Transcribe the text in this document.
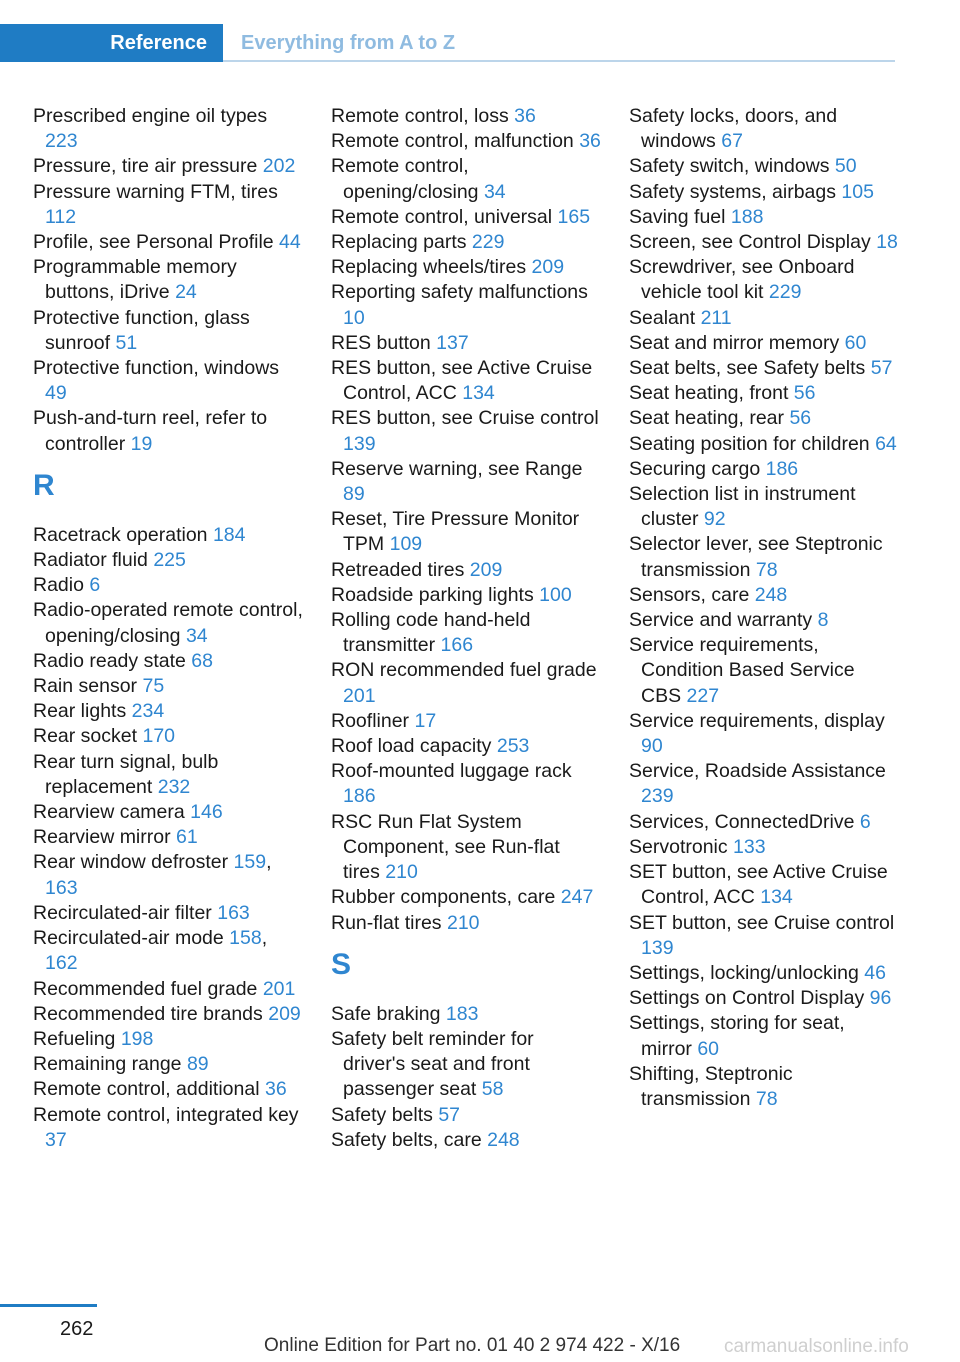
Reference Everything from A to Z
Prescribed engine oil types 223
Pressure, tire air pressure 202
Pressure warning FTM, tires 112
Profile, see Personal Profile 44
Programmable memory buttons, iDrive 24
Protective function, glass sunroof 51
Protective function, windows 49
Push-and-turn reel, refer to controller 19
R
Racetrack operation 184
Radiator fluid 225
Radio 6
Radio-operated remote control, opening/closing 34
Radio ready state 68
Rain sensor 75
Rear lights 234
Rear socket 170
Rear turn signal, bulb replacement 232
Rearview camera 146
Rearview mirror 61
Rear window defroster 159, 163
Recirculated-air filter 163
Recirculated-air mode 158, 162
Recommended fuel grade 201
Recommended tire brands 209
Refueling 198
Remaining range 89
Remote control, additional 36
Remote control, integrated key 37
Remote control, loss 36
Remote control, malfunction 36
Remote control, opening/closing 34
Remote control, universal 165
Replacing parts 229
Replacing wheels/tires 209
Reporting safety malfunctions 10
RES button 137
RES button, see Active Cruise Control, ACC 134
RES button, see Cruise control 139
Reserve warning, see Range 89
Reset, Tire Pressure Monitor TPM 109
Retreaded tires 209
Roadside parking lights 100
Rolling code hand-held transmitter 166
RON recommended fuel grade 201
Roofliner 17
Roof load capacity 253
Roof-mounted luggage rack 186
RSC Run Flat System Component, see Run-flat tires 210
Rubber components, care 247
Run-flat tires 210
S
Safe braking 183
Safety belt reminder for driver's seat and front passenger seat 58
Safety belts 57
Safety belts, care 248
Safety locks, doors, and windows 67
Safety switch, windows 50
Safety systems, airbags 105
Saving fuel 188
Screen, see Control Display 18
Screwdriver, see Onboard vehicle tool kit 229
Sealant 211
Seat and mirror memory 60
Seat belts, see Safety belts 57
Seat heating, front 56
Seat heating, rear 56
Seating position for children 64
Securing cargo 186
Selection list in instrument cluster 92
Selector lever, see Steptronic transmission 78
Sensors, care 248
Service and warranty 8
Service requirements, Condition Based Service CBS 227
Service requirements, display 90
Service, Roadside Assistance 239
Services, ConnectedDrive 6
Servotronic 133
SET button, see Active Cruise Control, ACC 134
SET button, see Cruise control 139
Settings, locking/unlocking 46
Settings on Control Display 96
Settings, storing for seat, mirror 60
Shifting, Steptronic transmission 78
262
Online Edition for Part no. 01 40 2 974 422 - X/16 carmanualsonline.info
